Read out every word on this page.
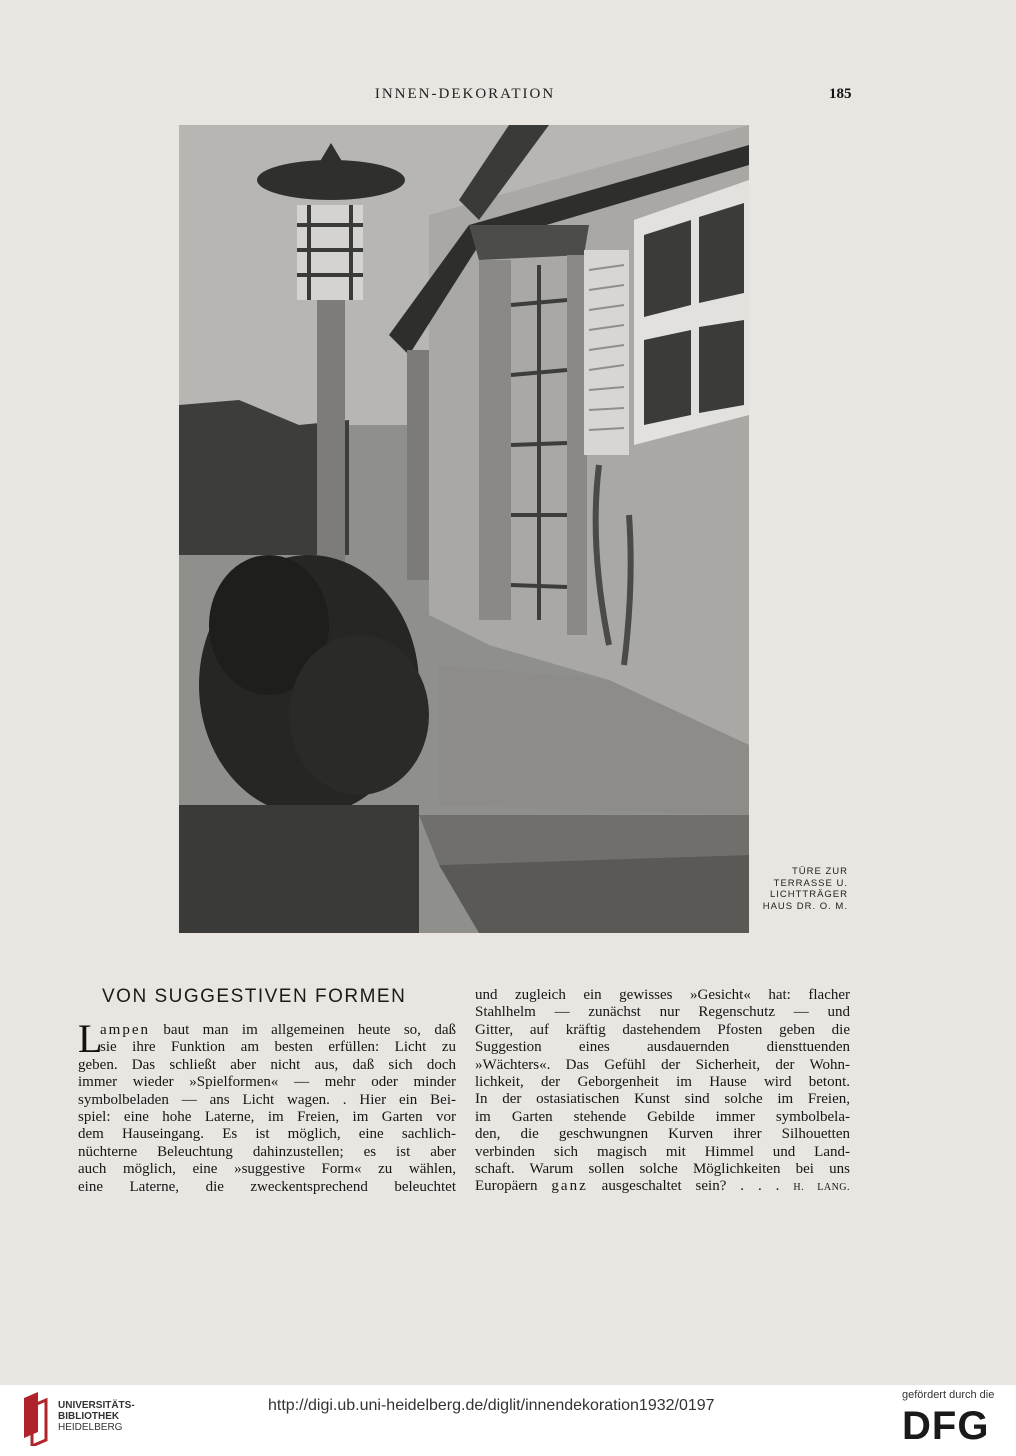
INNEN-DEKORATION	185
TÜRE ZUR
TERRASSE U.
LICHTTRÄGER
HAUS DR. O. M.
VON SUGGESTIVEN FORMEN
L
ampen baut man im allgemeinen heute so, daß
sie ihre Funktion am besten erfüllen: Licht zu
geben. Das schließt aber nicht aus, daß sich doch
immer wieder »Spielformen« — mehr oder minder
symbolbeladen — ans Licht wagen. . Hier ein Bei-
spiel: eine hohe Laterne, im Freien, im Garten vor
dem Hauseingang. Es ist möglich, eine sachlich-
nüchterne Beleuchtung dahinzustellen; es ist aber
auch möglich, eine »suggestive Form« zu wählen,
eine Laterne, die zweckentsprechend beleuchtet
und zugleich ein gewisses »Gesicht« hat: flacher
Stahlhelm — zunächst nur Regenschutz — und
Gitter, auf kräftig dastehendem Pfosten geben die
Suggestion eines ausdauernden diensttuenden
»Wächters«. Das Gefühl der Sicherheit, der Wohn-
lichkeit, der Geborgenheit im Hause wird betont.
In der ostasiatischen Kunst sind solche im Freien,
im Garten stehende Gebilde immer symbolbela-
den, die geschwungnen Kurven ihrer Silhouetten
verbinden sich magisch mit Himmel und Land-
schaft. Warum sollen solche Möglichkeiten bei uns
Europäern ganz ausgeschaltet sein? . . . H. LANG.
UNIVERSITÄTS-
BIBLIOTHEK
HEIDELBERG
http://digi.ub.uni-heidelberg.de/diglit/innendekoration1932/0197
gefördert durch die
DFG
